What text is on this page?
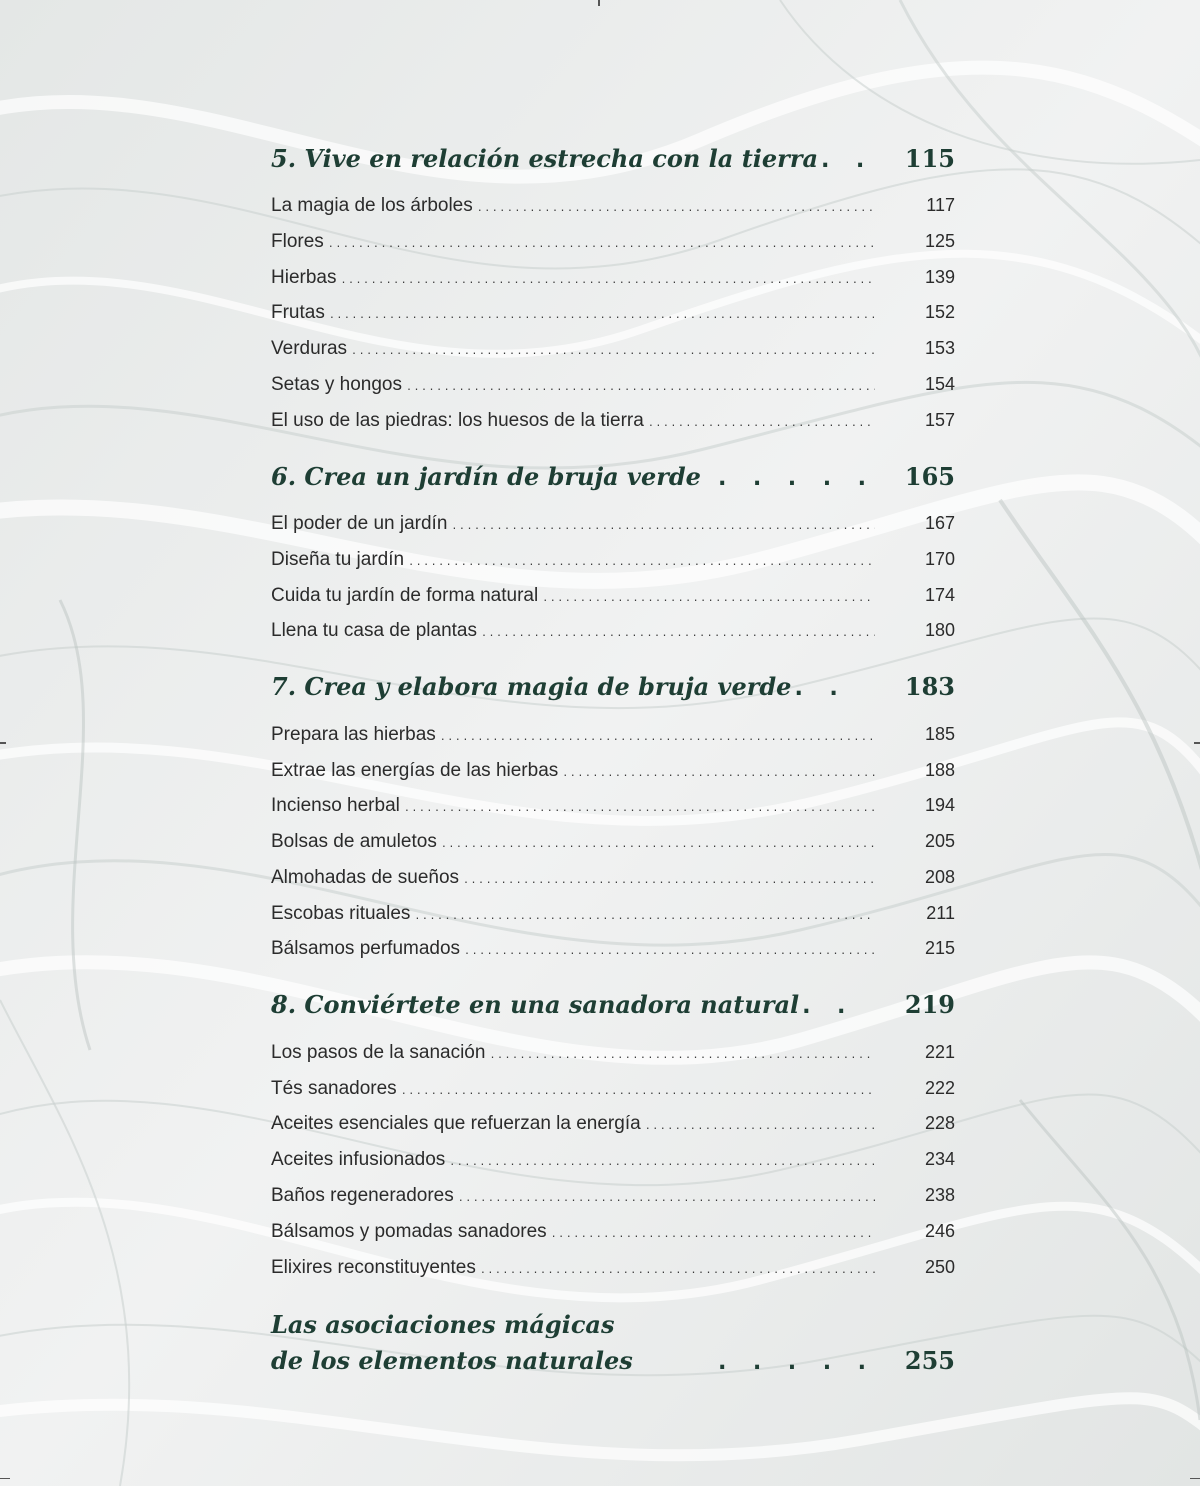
5. Vive en relación estrecha con la tierra . . .	115
La magia de los árboles .....	117
Flores .....	125
Hierbas .....	139
Frutas .....	152
Verduras .....	153
Setas y hongos .....	154
El uso de las piedras: los huesos de la tierra .....	157
6. Crea un jardín de bruja verde . . .	165
El poder de un jardín .....	167
Diseña tu jardín .....	170
Cuida tu jardín de forma natural .....	174
Llena tu casa de plantas .....	180
7. Crea y elabora magia de bruja verde . . .	183
Prepara las hierbas .....	185
Extrae las energías de las hierbas .....	188
Incienso herbal .....	194
Bolsas de amuletos .....	205
Almohadas de sueños .....	208
Escobas rituales .....	211
Bálsamos perfumados .....	215
8. Conviértete en una sanadora natural . . .	219
Los pasos de la sanación .....	221
Tés sanadores .....	222
Aceites esenciales que refuerzan la energía .....	228
Aceites infusionados .....	234
Baños regeneradores .....	238
Bálsamos y pomadas sanadores .....	246
Elixires reconstituyentes .....	250
Las asociaciones mágicas
de los elementos naturales . . .	255
